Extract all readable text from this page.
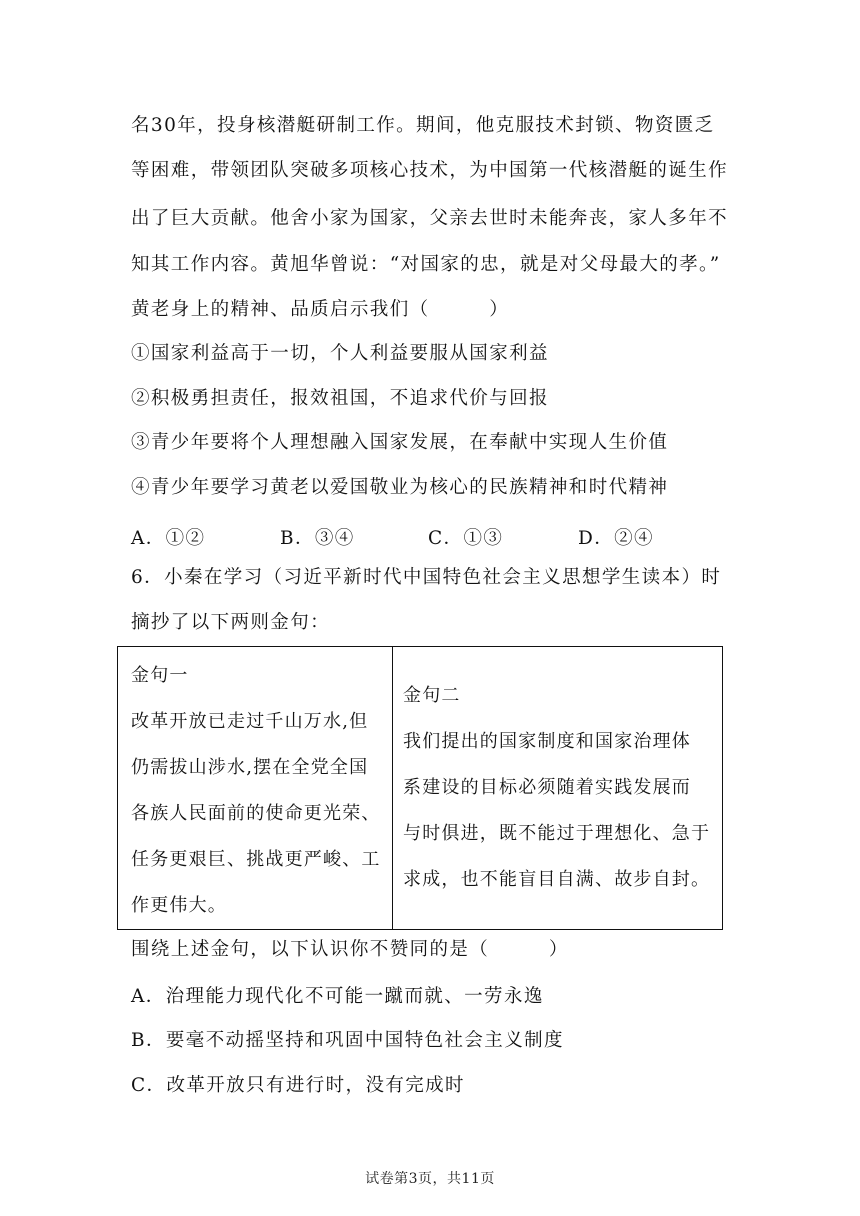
名30年，投身核潜艇研制工作。期间，他克服技术封锁、物资匮乏
等困难，带领团队突破多项核心技术，为中国第一代核潜艇的诞生作
出了巨大贡献。他舍小家为国家，父亲去世时未能奔丧，家人多年不
知其工作内容。黄旭华曾说：“对国家的忠，就是对父母最大的孝。”
黄老身上的精神、品质启示我们（　　　）
①国家利益高于一切，个人利益要服从国家利益
②积极勇担责任，报效祖国，不追求代价与回报
③青少年要将个人理想融入国家发展，在奉献中实现人生价值
④青少年要学习黄老以爱国敬业为核心的民族精神和时代精神
A．①②	B．③④	C．①③	D．②④
6．小秦在学习（习近平新时代中国特色社会主义思想学生读本）时
摘抄了以下两则金句：
金句一
改革开放已走过千山万水,但
仍需拔山涉水,摆在全党全国
各族人民面前的使命更光荣、
任务更艰巨、挑战更严峻、工
作更伟大。

金句二
我们提出的国家制度和国家治理体
系建设的目标必须随着实践发展而
与时俱进，既不能过于理想化、急于
求成，也不能盲目自满、故步自封。
围绕上述金句，以下认识你不赞同的是（　　　）
A．治理能力现代化不可能一蹴而就、一劳永逸
B．要毫不动摇坚持和巩固中国特色社会主义制度
C．改革开放只有进行时，没有完成时
试卷第3页，共11页
